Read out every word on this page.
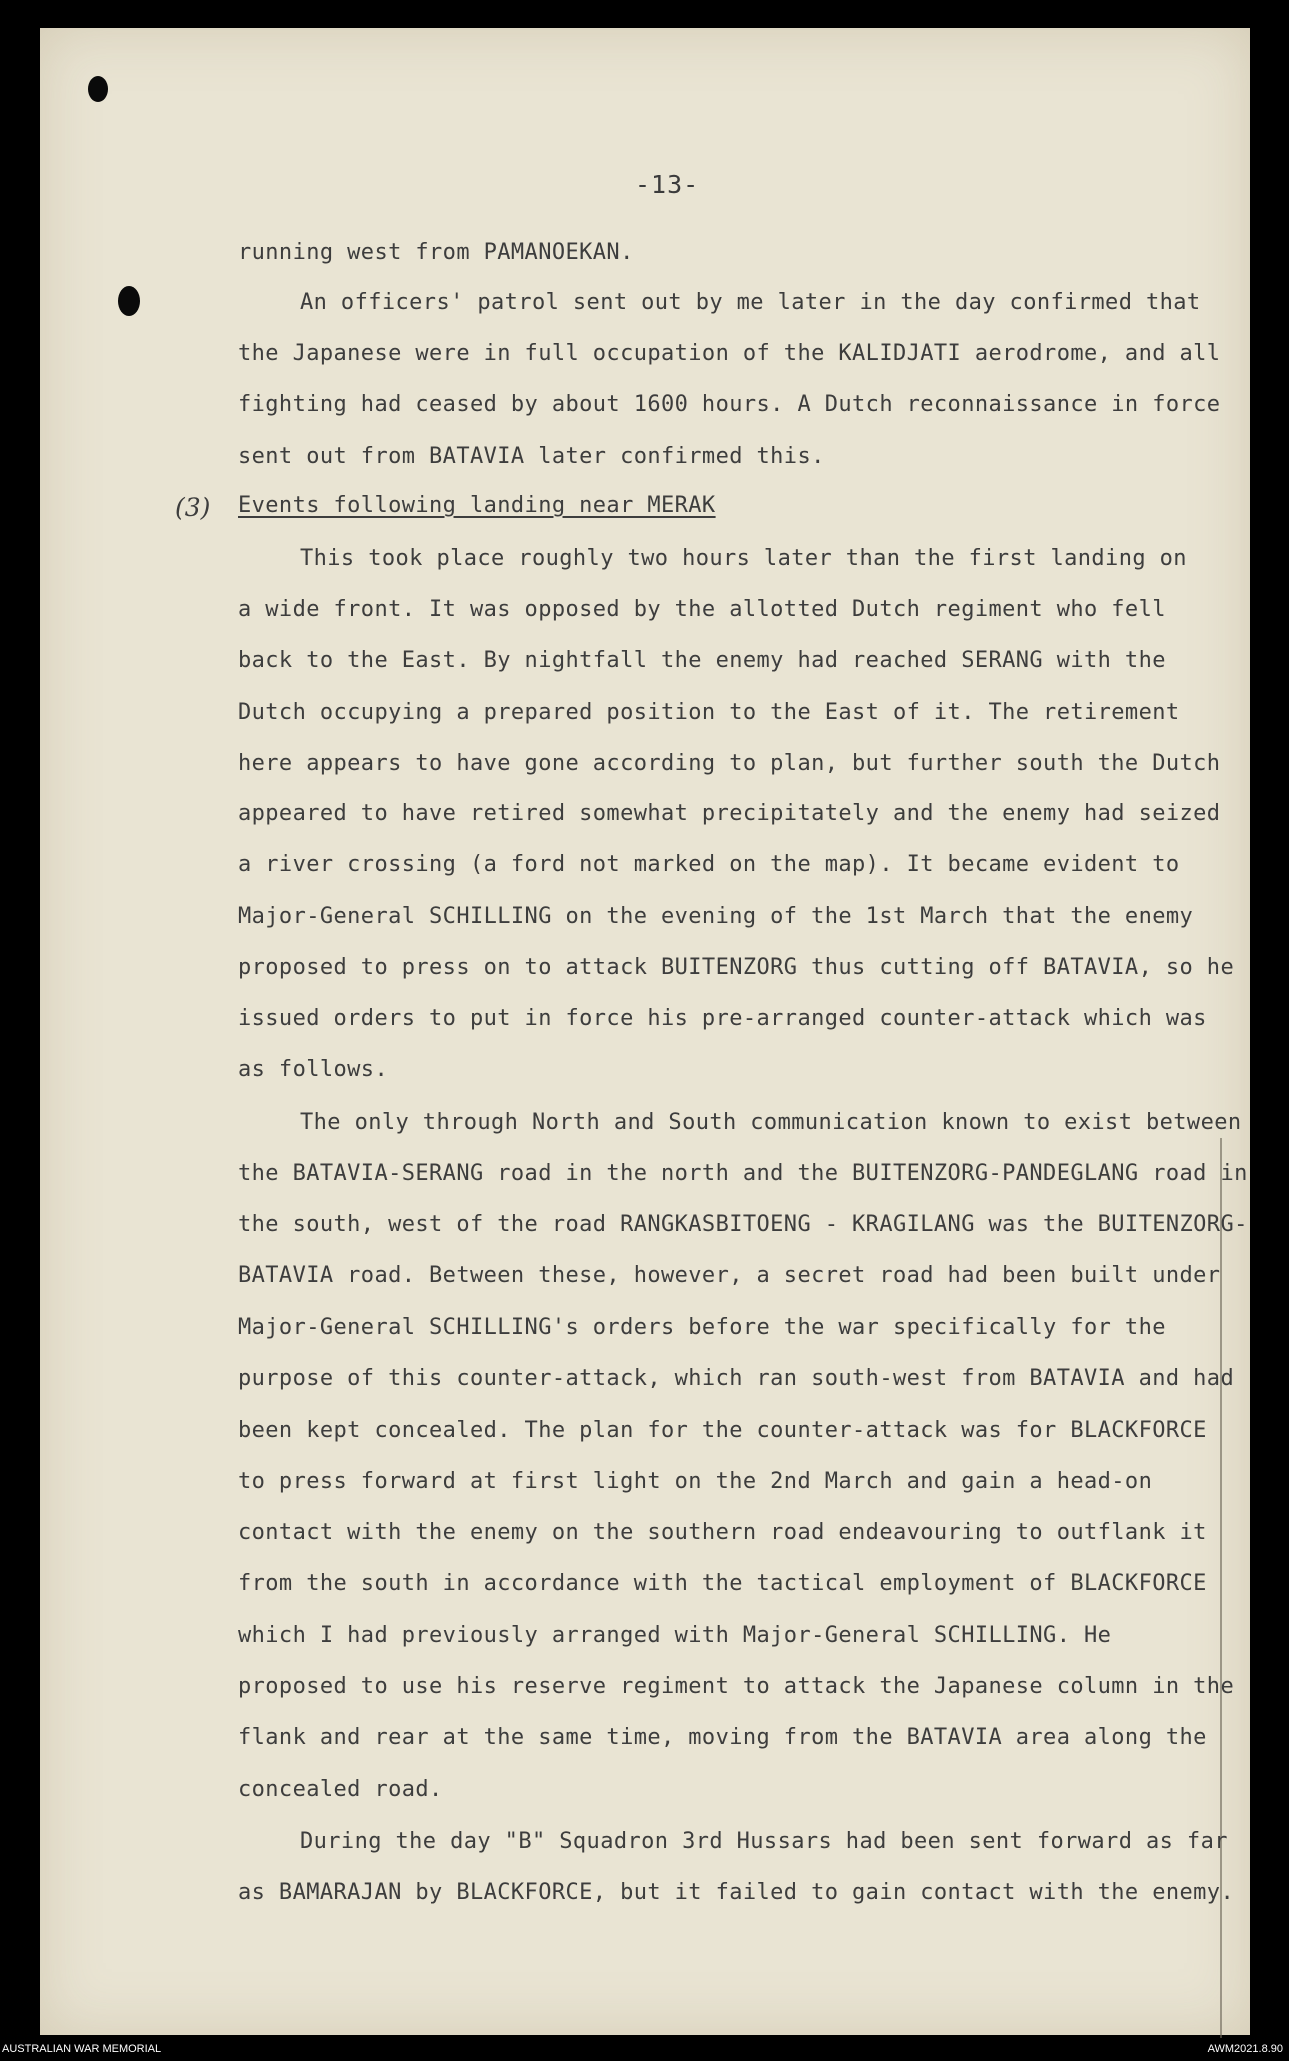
-13-
(3)
running west from PAMANOEKAN.
An officers' patrol sent out by me later in the day confirmed that
the Japanese were in full occupation of the KALIDJATI aerodrome, and all
fighting had ceased by about 1600 hours. A Dutch reconnaissance in force
sent out from BATAVIA later confirmed this.
Events following landing near MERAK
This took place roughly two hours later than the first landing on
a wide front. It was opposed by the allotted Dutch regiment who fell
back to the East. By nightfall the enemy had reached SERANG with the
Dutch occupying a prepared position to the East of it. The retirement
here appears to have gone according to plan, but further south the Dutch
appeared to have retired somewhat precipitately and the enemy had seized
a river crossing (a ford not marked on the map). It became evident to
Major-General SCHILLING on the evening of the 1st March that the enemy
proposed to press on to attack BUITENZORG thus cutting off BATAVIA, so he
issued orders to put in force his pre-arranged counter-attack which was
as follows.
The only through North and South communication known to exist between
the BATAVIA-SERANG road in the north and the BUITENZORG-PANDEGLANG road in
the south, west of the road RANGKASBITOENG - KRAGILANG was the BUITENZORG-
BATAVIA road. Between these, however, a secret road had been built under
Major-General SCHILLING's orders before the war specifically for the
purpose of this counter-attack, which ran south-west from BATAVIA and had
been kept concealed. The plan for the counter-attack was for BLACKFORCE
to press forward at first light on the 2nd March and gain a head-on
contact with the enemy on the southern road endeavouring to outflank it
from the south in accordance with the tactical employment of BLACKFORCE
which I had previously arranged with Major-General SCHILLING. He
proposed to use his reserve regiment to attack the Japanese column in the
flank and rear at the same time, moving from the BATAVIA area along the
concealed road.
During the day "B" Squadron 3rd Hussars had been sent forward as far
as BAMARAJAN by BLACKFORCE, but it failed to gain contact with the enemy.
AUSTRALIAN WAR MEMORIAL	AWM2021.8.90
